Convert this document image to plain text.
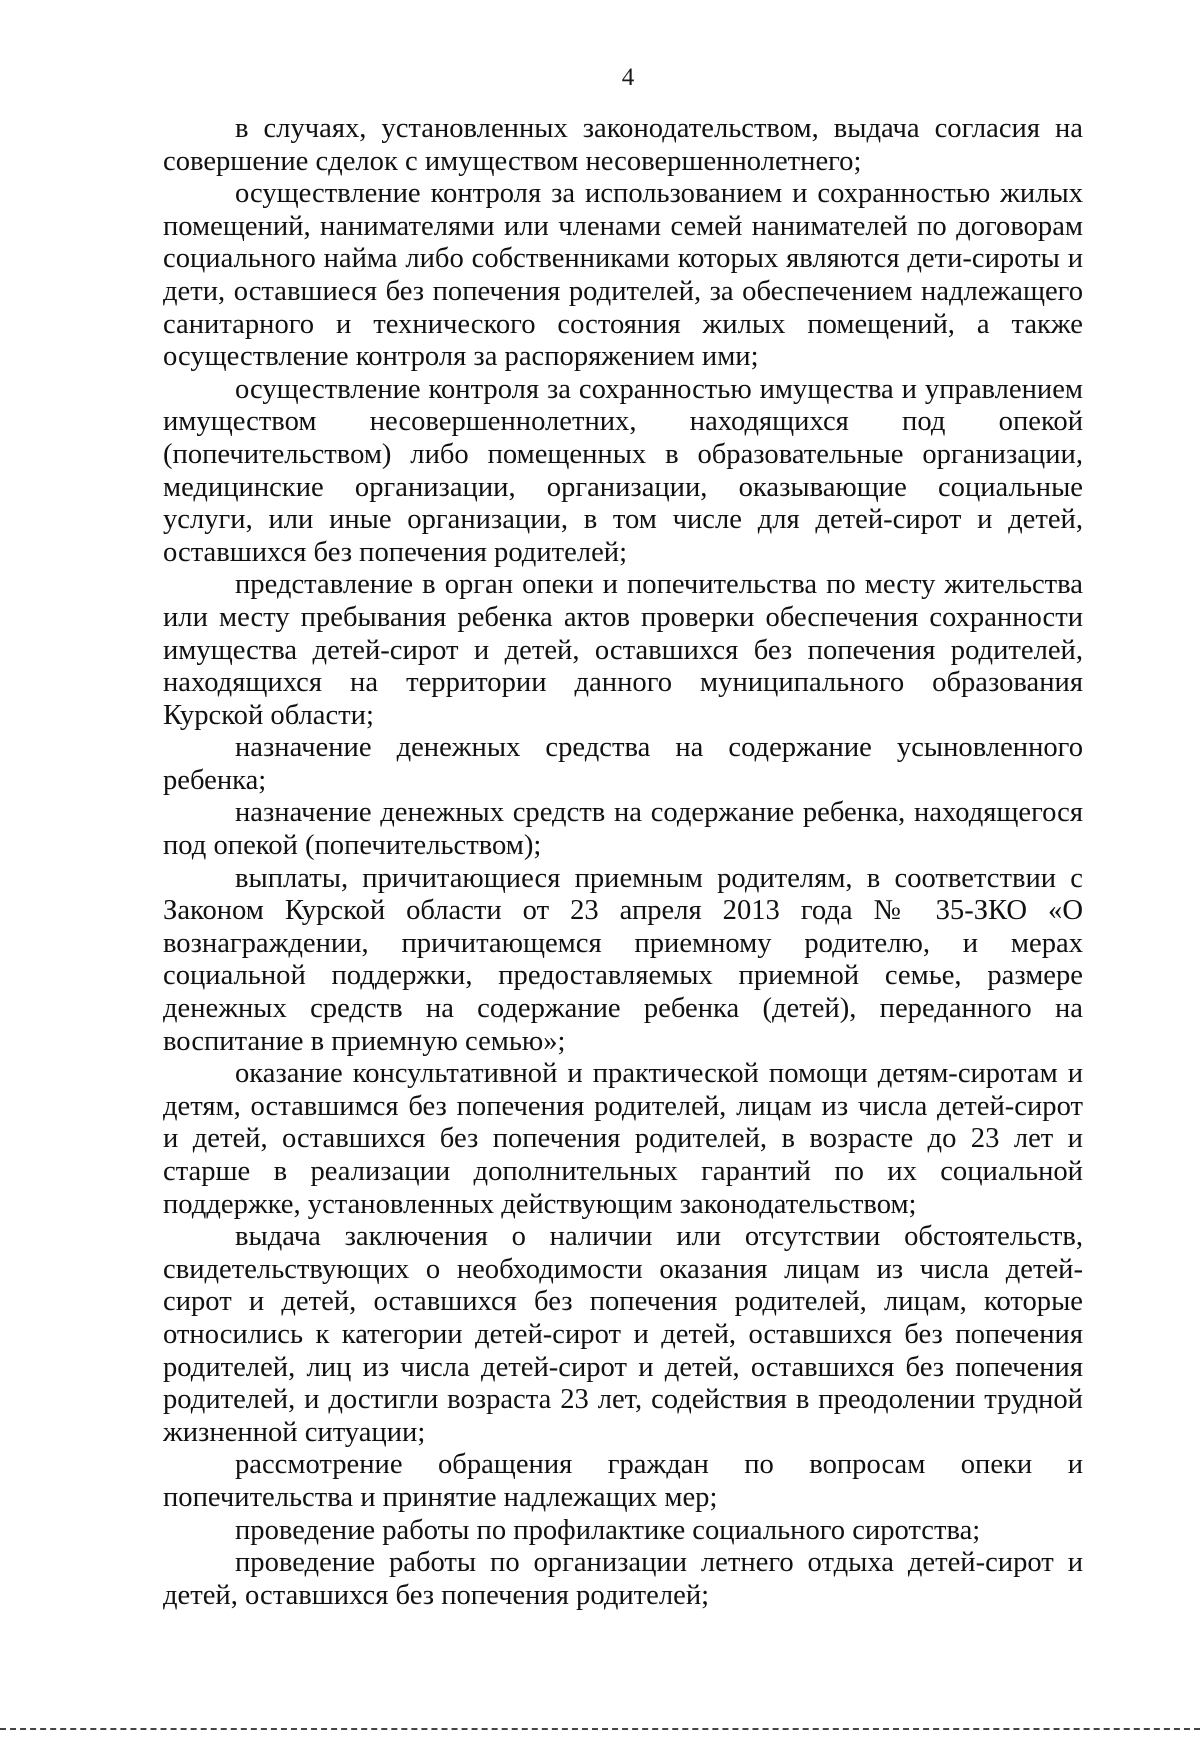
4

в случаях, установленных законодательством, выдача согласия на совершение сделок с имуществом несовершеннолетнего;

осуществление контроля за использованием и сохранностью жилых помещений, нанимателями или членами семей нанимателей по договорам социального найма либо собственниками которых являются дети-сироты и дети, оставшиеся без попечения родителей, за обеспечением надлежащего санитарного и технического состояния жилых помещений, а также осуществление контроля за распоряжением ими;

осуществление контроля за сохранностью имущества и управлением имуществом несовершеннолетних, находящихся под опекой (попечительством) либо помещенных в образовательные организации, медицинские организации, организации, оказывающие социальные услуги, или иные организации, в том числе для детей-сирот и детей, оставшихся без попечения родителей;

представление в орган опеки и попечительства по месту жительства или месту пребывания ребенка актов проверки обеспечения сохранности имущества детей-сирот и детей, оставшихся без попечения родителей, находящихся на территории данного муниципального образования Курской области;

назначение денежных средства на содержание усыновленного ребенка;

назначение денежных средств на содержание ребенка, находящегося под опекой (попечительством);

выплаты, причитающиеся приемным родителям, в соответствии с Законом Курской области от 23 апреля 2013 года № 35-ЗКО «О вознаграждении, причитающемся приемному родителю, и мерах социальной поддержки, предоставляемых приемной семье, размере денежных средств на содержание ребенка (детей), переданного на воспитание в приемную семью»;

оказание консультативной и практической помощи детям-сиротам и детям, оставшимся без попечения родителей, лицам из числа детей-сирот и детей, оставшихся без попечения родителей, в возрасте до 23 лет и старше в реализации дополнительных гарантий по их социальной поддержке, установленных действующим законодательством;

выдача заключения о наличии или отсутствии обстоятельств, свидетельствующих о необходимости оказания лицам из числа детей-сирот и детей, оставшихся без попечения родителей, лицам, которые относились к категории детей-сирот и детей, оставшихся без попечения родителей, лиц из числа детей-сирот и детей, оставшихся без попечения родителей, и достигли возраста 23 лет, содействия в преодолении трудной жизненной ситуации;

рассмотрение обращения граждан по вопросам опеки и попечительства и принятие надлежащих мер;

проведение работы по профилактике социального сиротства;

проведение работы по организации летнего отдыха детей-сирот и детей, оставшихся без попечения родителей;
